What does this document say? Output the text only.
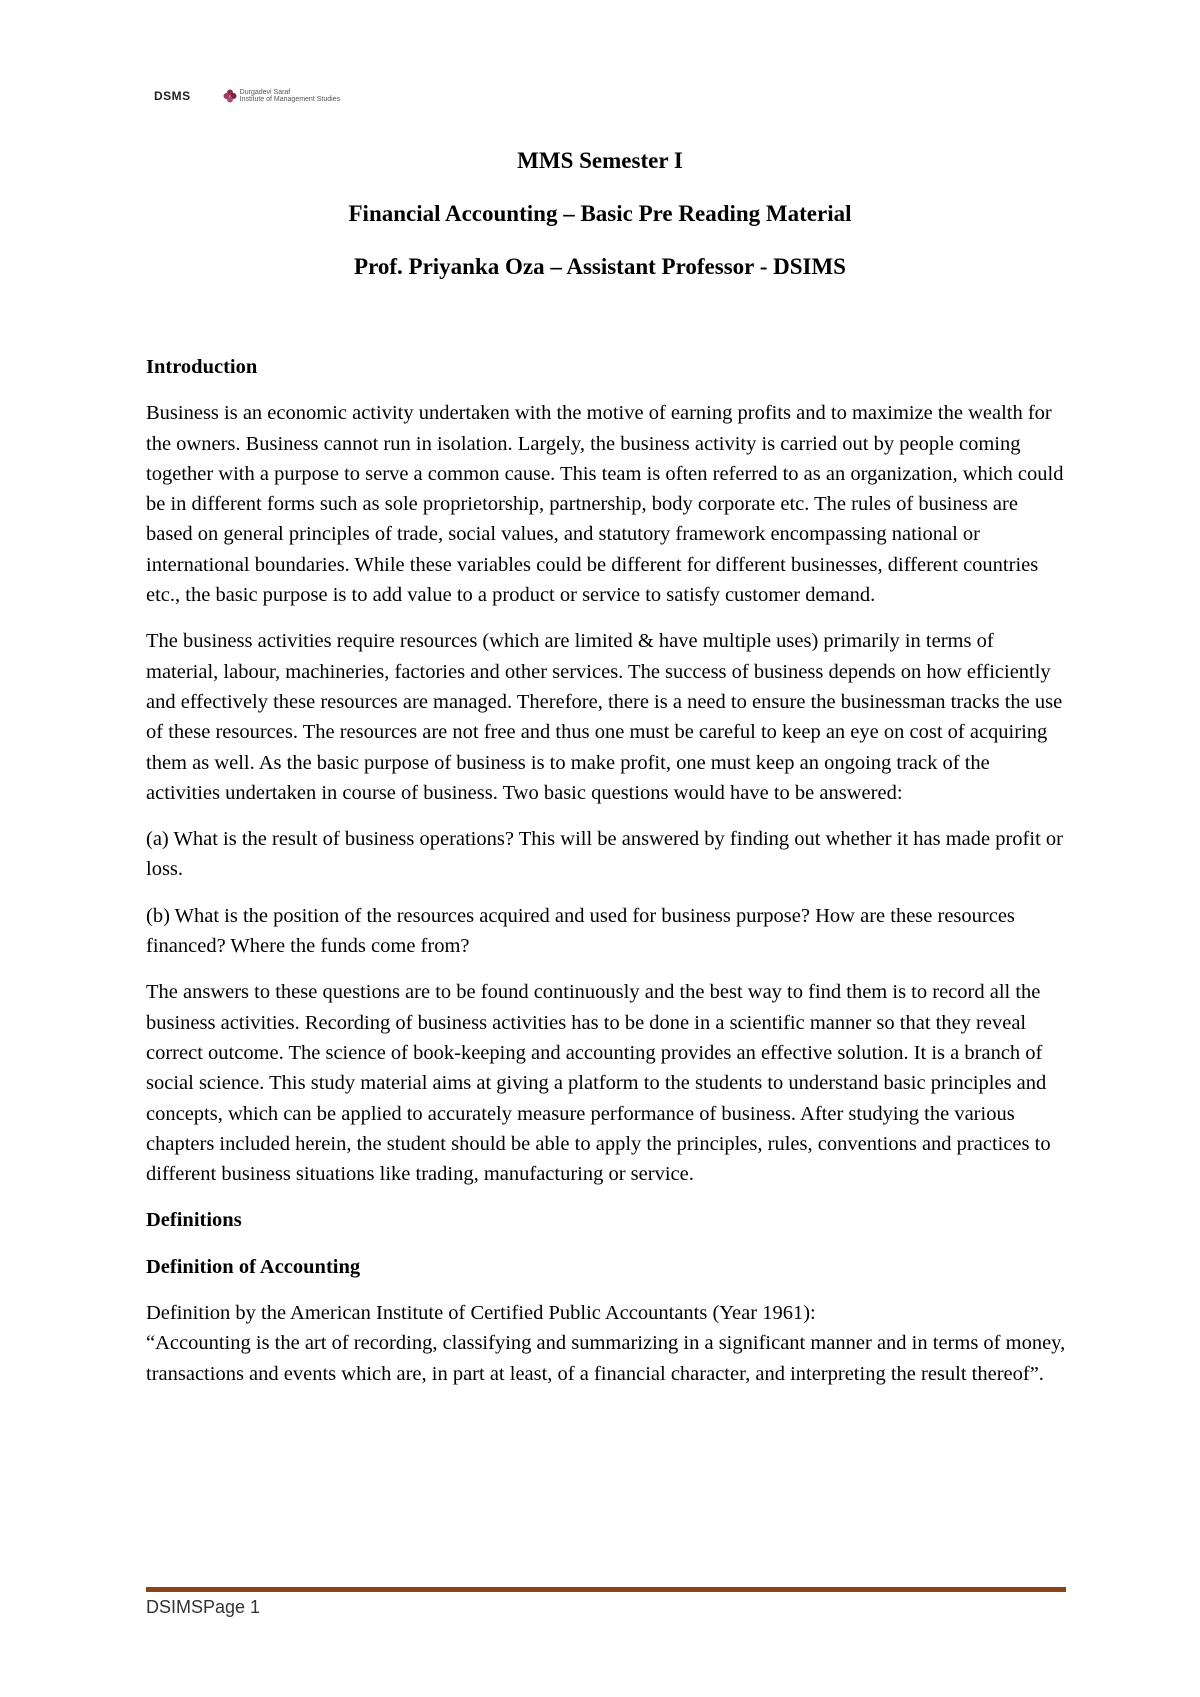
DSMS	Durgadevi Saraf
Institute of Management Studies
MMS Semester I
Financial Accounting – Basic Pre Reading Material
Prof. Priyanka Oza – Assistant Professor - DSIMS
Introduction

Business is an economic activity undertaken with the motive of earning profits and to maximize the wealth for the owners. Business cannot run in isolation. Largely, the business activity is carried out by people coming together with a purpose to serve a common cause. This team is often referred to as an organization, which could be in different forms such as sole proprietorship, partnership, body corporate etc. The rules of business are based on general principles of trade, social values, and statutory framework encompassing national or international boundaries. While these variables could be different for different businesses, different countries etc., the basic purpose is to add value to a product or service to satisfy customer demand.

The business activities require resources (which are limited & have multiple uses) primarily in terms of material, labour, machineries, factories and other services. The success of business depends on how efficiently and effectively these resources are managed. Therefore, there is a need to ensure the businessman tracks the use of these resources. The resources are not free and thus one must be careful to keep an eye on cost of acquiring them as well. As the basic purpose of business is to make profit, one must keep an ongoing track of the activities undertaken in course of business. Two basic questions would have to be answered:

(a) What is the result of business operations? This will be answered by finding out whether it has made profit or loss.

(b) What is the position of the resources acquired and used for business purpose? How are these resources financed? Where the funds come from?

The answers to these questions are to be found continuously and the best way to find them is to record all the business activities. Recording of business activities has to be done in a scientific manner so that they reveal correct outcome. The science of book-keeping and accounting provides an effective solution. It is a branch of social science. This study material aims at giving a platform to the students to understand basic principles and concepts, which can be applied to accurately measure performance of business. After studying the various chapters included herein, the student should be able to apply the principles, rules, conventions and practices to different business situations like trading, manufacturing or service.

Definitions
Definition of Accounting

Definition by the American Institute of Certified Public Accountants (Year 1961):
“Accounting is the art of recording, classifying and summarizing in a significant manner and in terms of money, transactions and events which are, in part at least, of a financial character, and interpreting the result thereof”.

DSIMSPage 1
